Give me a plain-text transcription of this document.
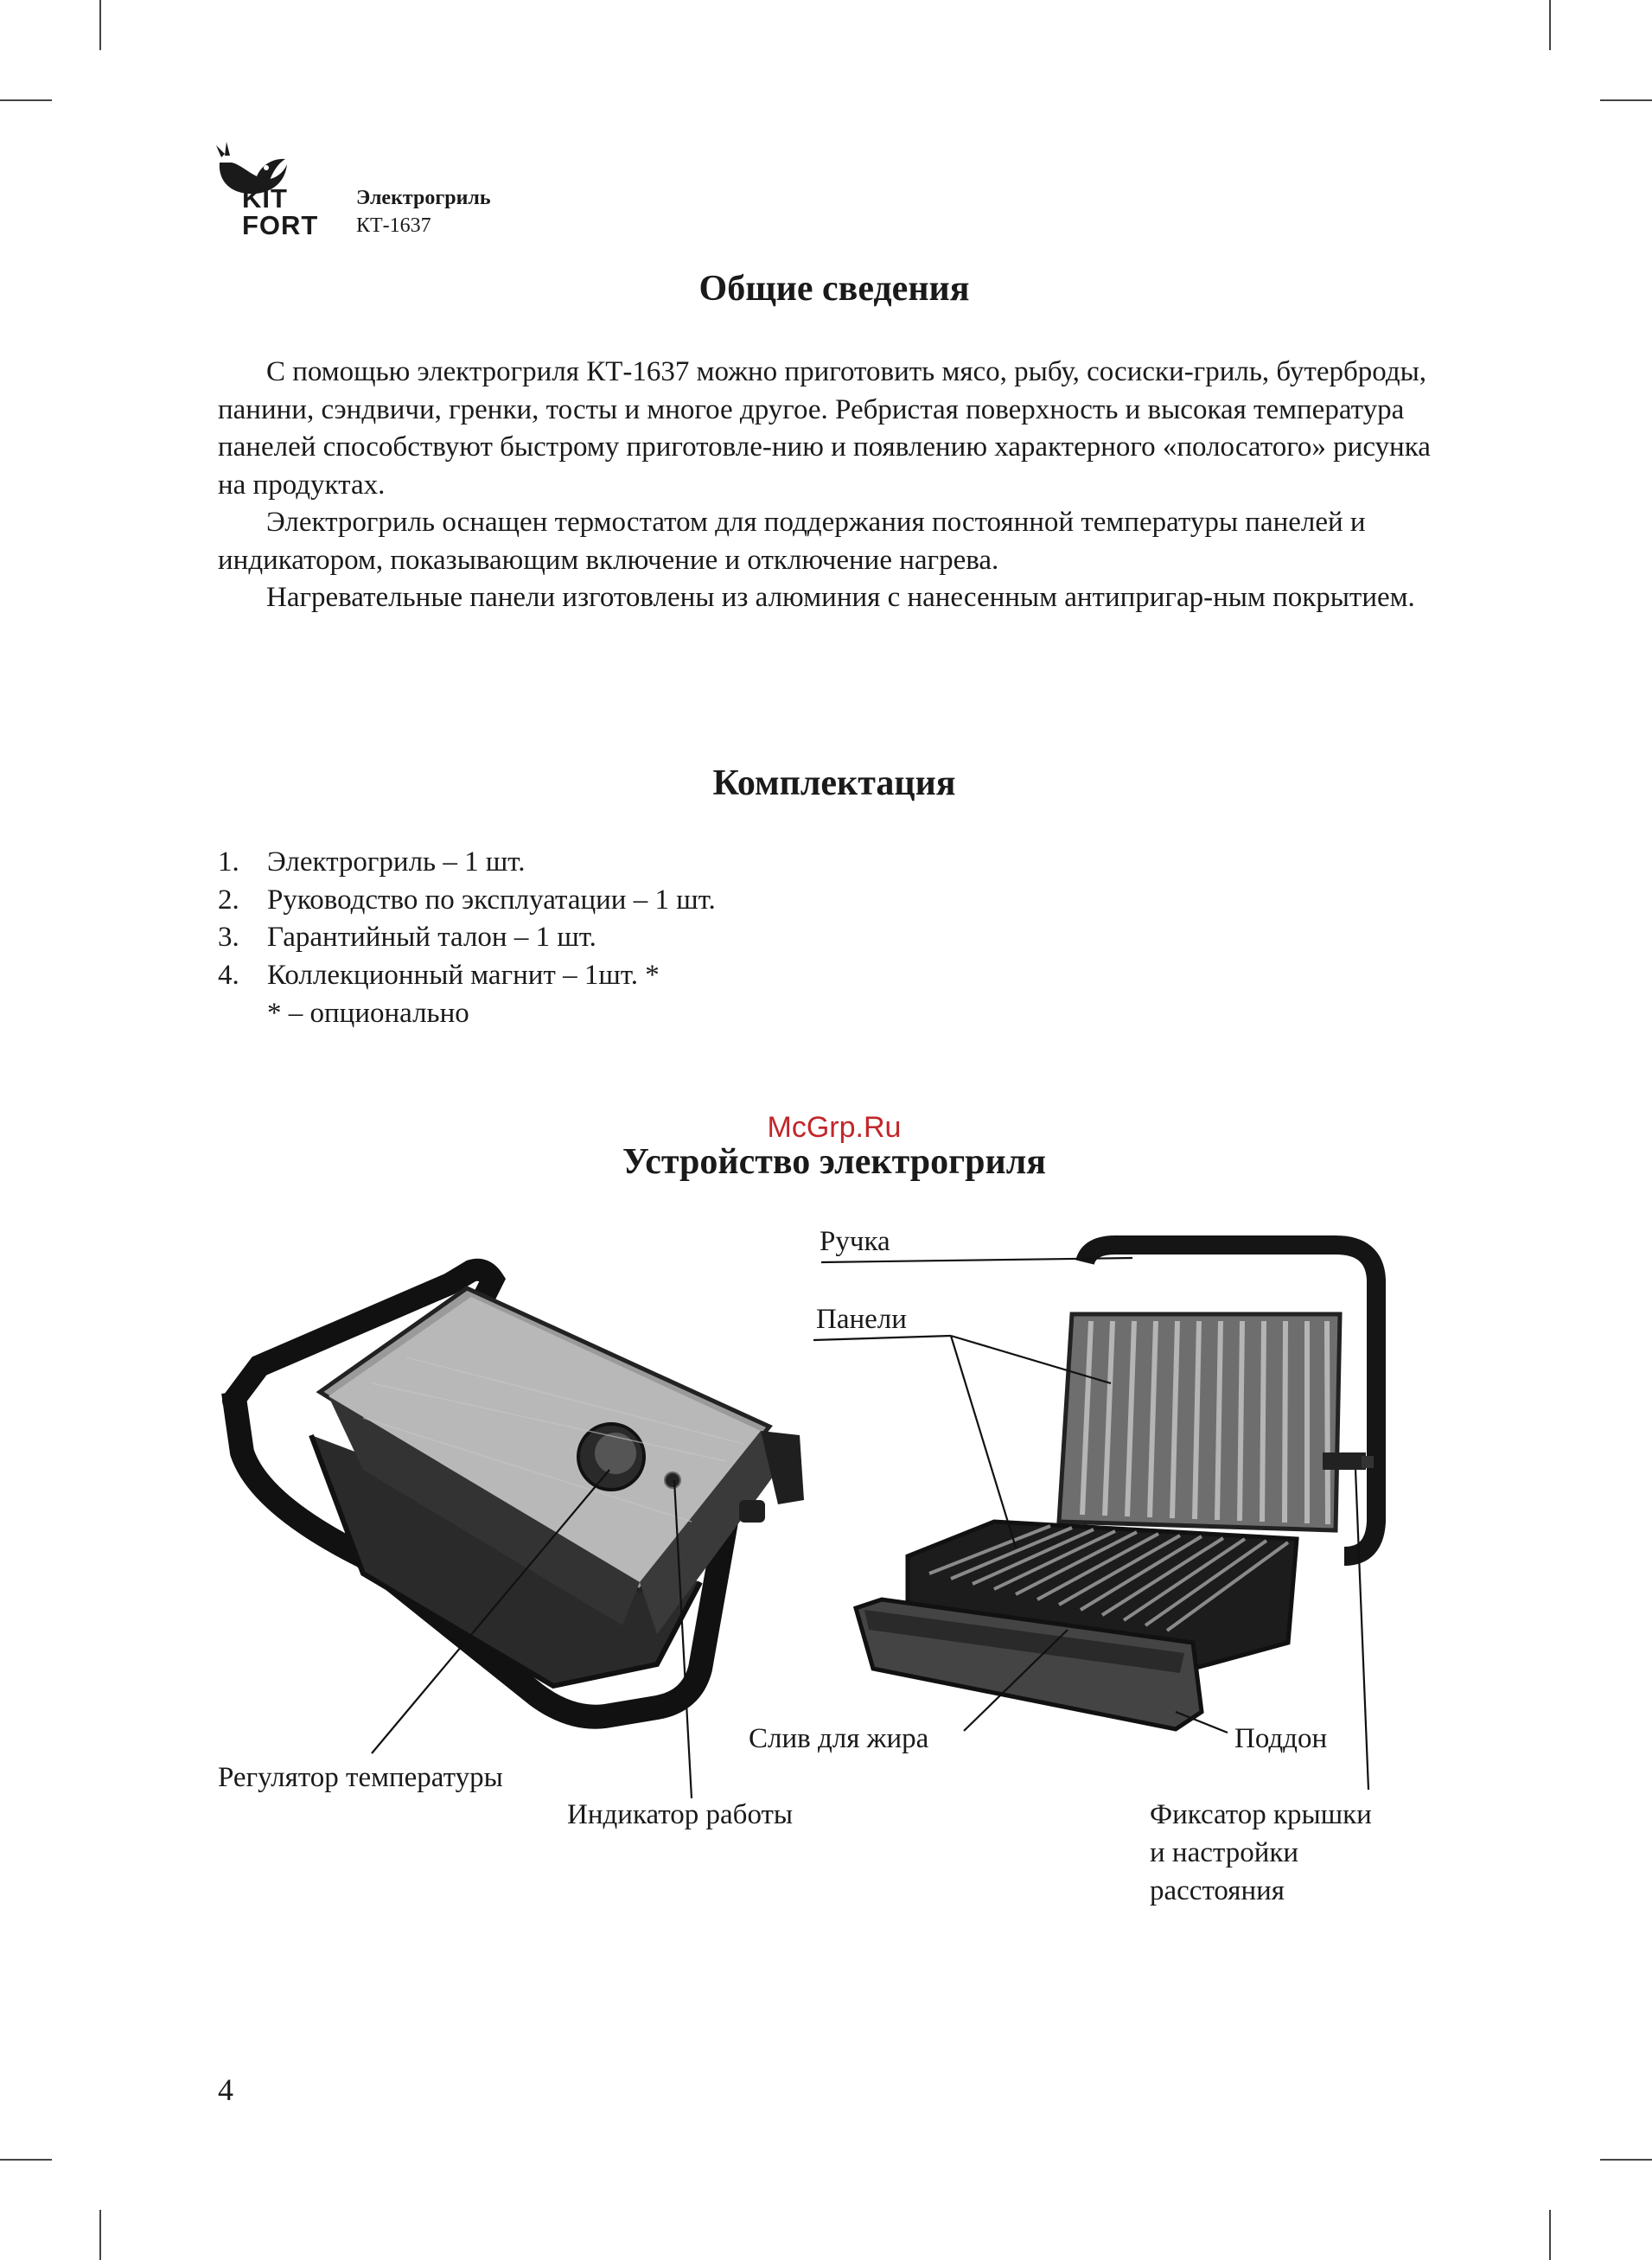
KIT
FORT
Электрогриль
КТ-1637
Общие сведения

С помощью электрогриля КТ-1637 можно приготовить мясо, рыбу, сосиски-гриль, бутерброды, панини, сэндвичи, гренки, тосты и многое другое. Ребристая поверхность и высокая температура панелей способствуют быстрому приготовле-нию и появлению характерного «полосатого» рисунка на продуктах.

Электрогриль оснащен термостатом для поддержания постоянной температуры панелей и индикатором, показывающим включение и отключение нагрева.

Нагревательные панели изготовлены из алюминия с нанесенным антипригар-ным покрытием.

Комплектация
1. Электрогриль – 1 шт.
2. Руководство по эксплуатации – 1 шт.
3. Гарантийный талон – 1 шт.
4. Коллекционный магнит – 1шт. *
* – опционально
McGrp.Ru
Устройство электрогриля
Ручка
Панели
Слив для жира	Поддон
Регулятор температуры
Индикатор работы	Фиксатор крышки
и настройки
расстояния
4
